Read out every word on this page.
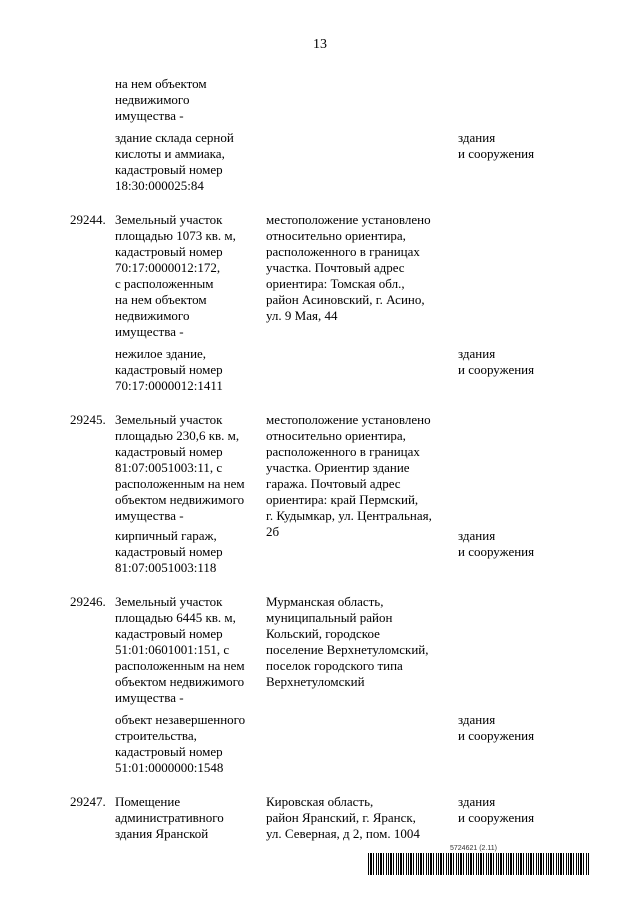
13
на нем объектом
недвижимого
имущества -
здание склада серной
кислоты и аммиака,
кадастровый номер
18:30:000025:84
здания
и сооружения
29244. Земельный участок
площадью 1073 кв. м,
кадастровый номер
70:17:0000012:172,
с расположенным
на нем объектом
недвижимого
имущества -
местоположение установлено
относительно ориентира,
расположенного в границах
участка. Почтовый адрес
ориентира: Томская обл.,
район Асиновский, г. Асино,
ул. 9 Мая, 44
нежилое здание,
кадастровый номер
70:17:0000012:1411
здания
и сооружения
29245. Земельный участок
площадью 230,6 кв. м,
кадастровый номер
81:07:0051003:11, с
расположенным на нем
объектом недвижимого
имущества -
местоположение установлено
относительно ориентира,
расположенного в границах
участка. Ориентир здание
гаража. Почтовый адрес
ориентира: край Пермский,
г. Кудымкар, ул. Центральная,
2б
кирпичный гараж,
кадастровый номер
81:07:0051003:118
здания
и сооружения
29246. Земельный участок
площадью 6445 кв. м,
кадастровый номер
51:01:0601001:151, с
расположенным на нем
объектом недвижимого
имущества -
Мурманская область,
муниципальный район
Кольский, городское
поселение Верхнетуломский,
поселок городского типа
Верхнетуломский
объект незавершенного
строительства,
кадастровый номер
51:01:0000000:1548
здания
и сооружения
29247. Помещение
административного
здания Яранской
Кировская область,
район Яранский, г. Яранск,
ул. Северная, д 2, пом. 1004
здания
и сооружения
5724621 (2.11)
